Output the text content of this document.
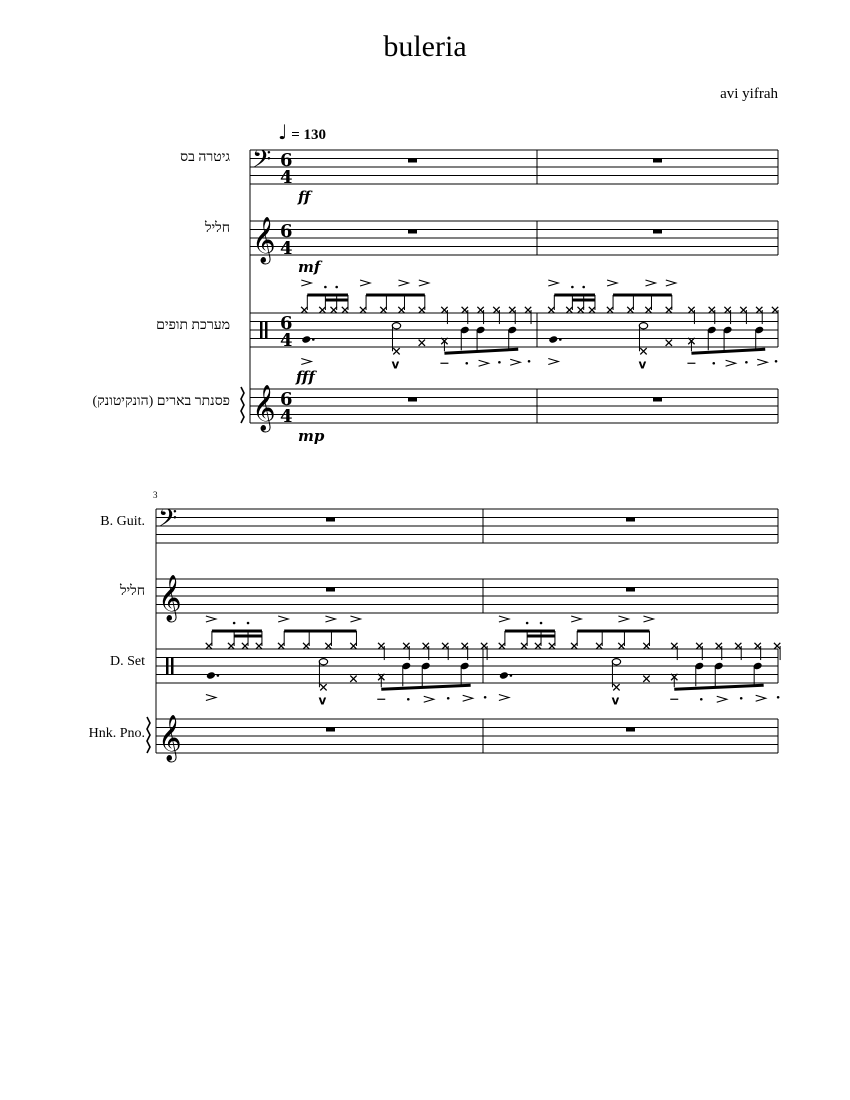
buleria
avi yifrah
♩ = 130
גיטרה בס
חליל
מערכת תופים
פסנתר בארים (הונקיטונק)
B. Guit.
חליל
D. Set
Hnk. Pno.
3
𝄢 6
4
ff
𝄞 6
4
mf
6
4
v	v
fff
𝄞 6
4
mp
𝄢
𝄞
v	v
𝄞
